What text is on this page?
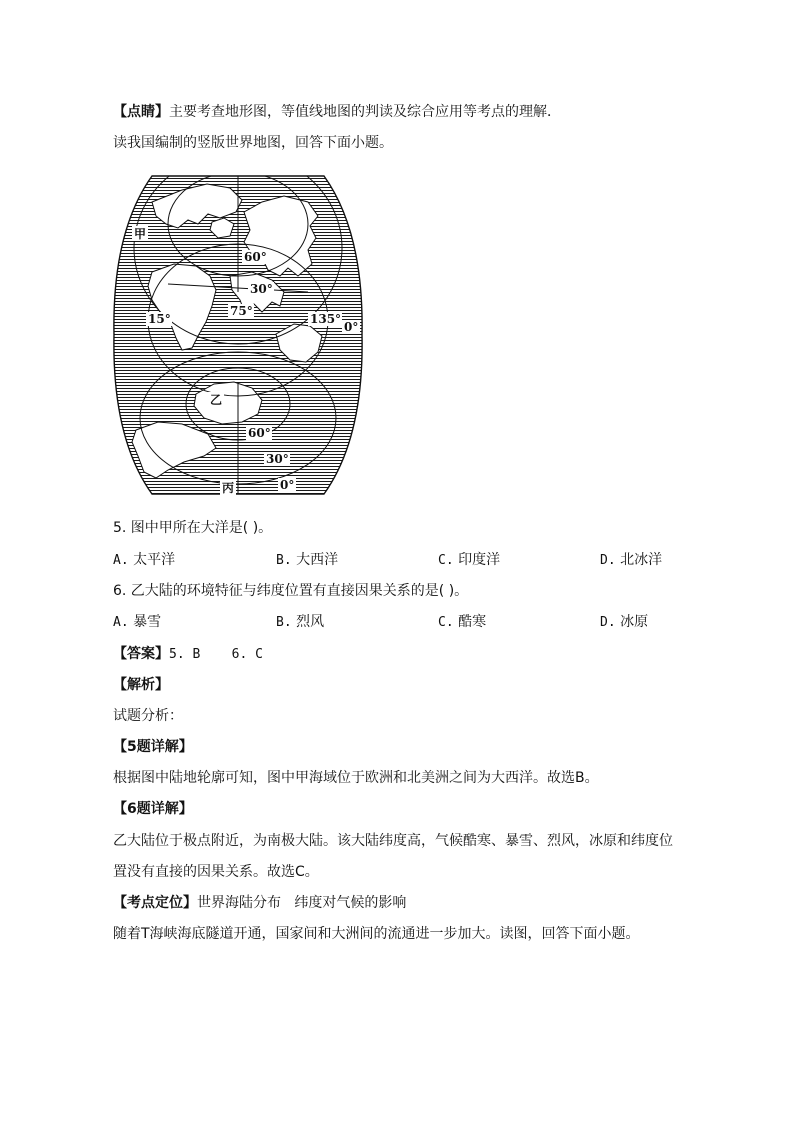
【点睛】主要考查地形图，等值线地图的判读及综合应用等考点的理解．
读我国编制的竖版世界地图，回答下面小题。
甲
60°
30°
15°
75°
135°
0°
乙
60°
30°
丙	0°
5. 图中甲所在大洋是( )。
A. 太平洋	B. 大西洋	C. 印度洋	D. 北冰洋
6. 乙大陆的环境特征与纬度位置有直接因果关系的是( )。
A. 暴雪	B. 烈风	C. 酷寒	D. 冰原
【答案】5. B    6. C
【解析】
试题分析：
【5题详解】
根据图中陆地轮廓可知，图中甲海域位于欧洲和北美洲之间为大西洋。故选B。
【6题详解】
乙大陆位于极点附近，为南极大陆。该大陆纬度高，气候酷寒、暴雪、烈风，冰原和纬度位
置没有直接的因果关系。故选C。
【考点定位】世界海陆分布   纬度对气候的影响
随着T海峡海底隧道开通，国家间和大洲间的流通进一步加大。读图，回答下面小题。
